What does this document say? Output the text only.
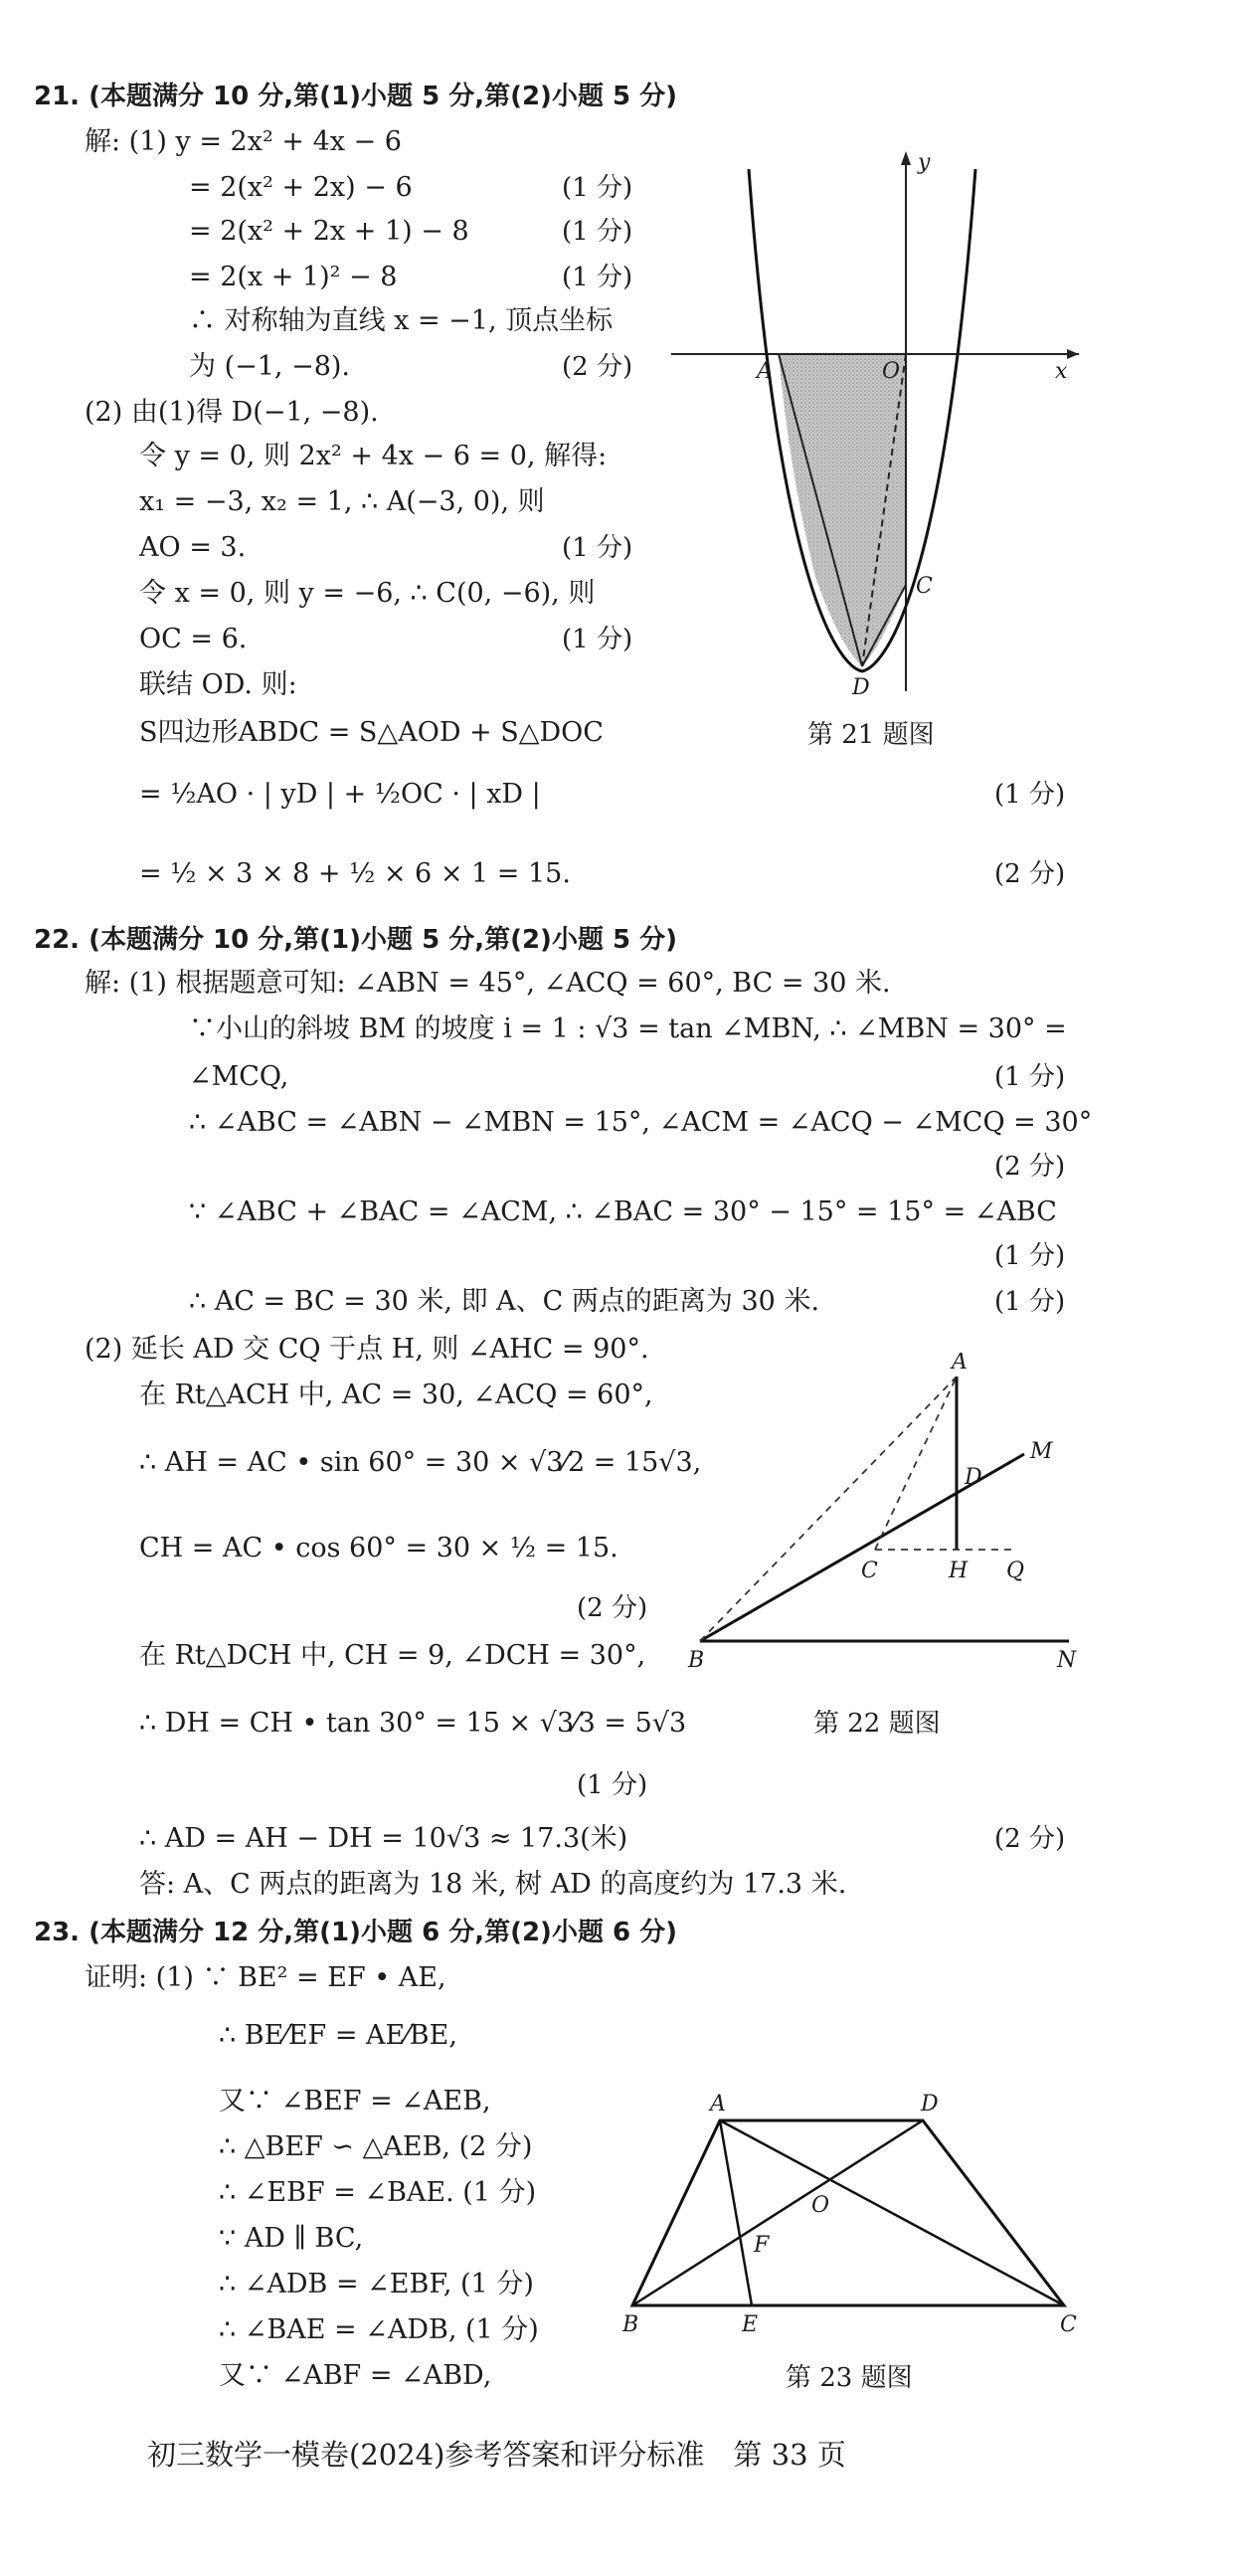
21. (本题满分 10 分,第(1)小题 5 分,第(2)小题 5 分)
解: (1) y = 2x² + 4x − 6
= 2(x² + 2x) − 6
= 2(x² + 2x + 1) − 8
= 2(x + 1)² − 8
∴ 对称轴为直线 x = −1, 顶点坐标
为 (−1, −8).
(2) 由(1)得 D(−1, −8).
令 y = 0, 则 2x² + 4x − 6 = 0, 解得:
x₁ = −3, x₂ = 1, ∴ A(−3, 0), 则
AO = 3.
令 x = 0, 则 y = −6, ∴ C(0, −6), 则
OC = 6.
联结 OD. 则:
S四边形ABDC = S△AOD + S△DOC
= ½AO · | yD | + ½OC · | xD |
= ½ × 3 × 8 + ½ × 6 × 1 = 15.
(1 分)
(1 分)
(1 分)
(2 分)
(1 分)
(1 分)
(1 分)
(2 分)
y
x
A	O
C
D
第 21 题图
22. (本题满分 10 分,第(1)小题 5 分,第(2)小题 5 分)
解: (1) 根据题意可知: ∠ABN = 45°, ∠ACQ = 60°, BC = 30 米.
∵小山的斜坡 BM 的坡度 i = 1 : √3 = tan ∠MBN, ∴ ∠MBN = 30° =
∠MCQ,
∴ ∠ABC = ∠ABN − ∠MBN = 15°, ∠ACM = ∠ACQ − ∠MCQ = 30°
∵ ∠ABC + ∠BAC = ∠ACM, ∴ ∠BAC = 30° − 15° = 15° = ∠ABC
∴ AC = BC = 30 米, 即 A、C 两点的距离为 30 米.
(2) 延长 AD 交 CQ 于点 H, 则 ∠AHC = 90°.
在 Rt△ACH 中, AC = 30, ∠ACQ = 60°,
∴ AH = AC • sin 60° = 30 × √3⁄2 = 15√3,
CH = AC • cos 60° = 30 × ½ = 15.
在 Rt△DCH 中, CH = 9, ∠DCH = 30°,
∴ DH = CH • tan 30° = 15 × √3⁄3 = 5√3
∴ AD = AH − DH = 10√3 ≈ 17.3(米)
答: A、C 两点的距离为 18 米, 树 AD 的高度约为 17.3 米.
(1 分)
(2 分)
(1 分)
(1 分)
(2 分)
(1 分)
(2 分)
A
D
M
C	H Q
B	N
第 22 题图
23. (本题满分 12 分,第(1)小题 6 分,第(2)小题 6 分)
证明: (1) ∵ BE² = EF • AE,
∴ BE⁄EF = AE⁄BE,
又∵ ∠BEF = ∠AEB,
∴ △BEF ∽ △AEB, (2 分)
∴ ∠EBF = ∠BAE. (1 分)
∵ AD ∥ BC,
∴ ∠ADB = ∠EBF, (1 分)
∴ ∠BAE = ∠ADB, (1 分)
又∵ ∠ABF = ∠ABD,
A	D
O
F
B	E	C
第 23 题图
初三数学一模卷(2024)参考答案和评分标准　第 33 页
